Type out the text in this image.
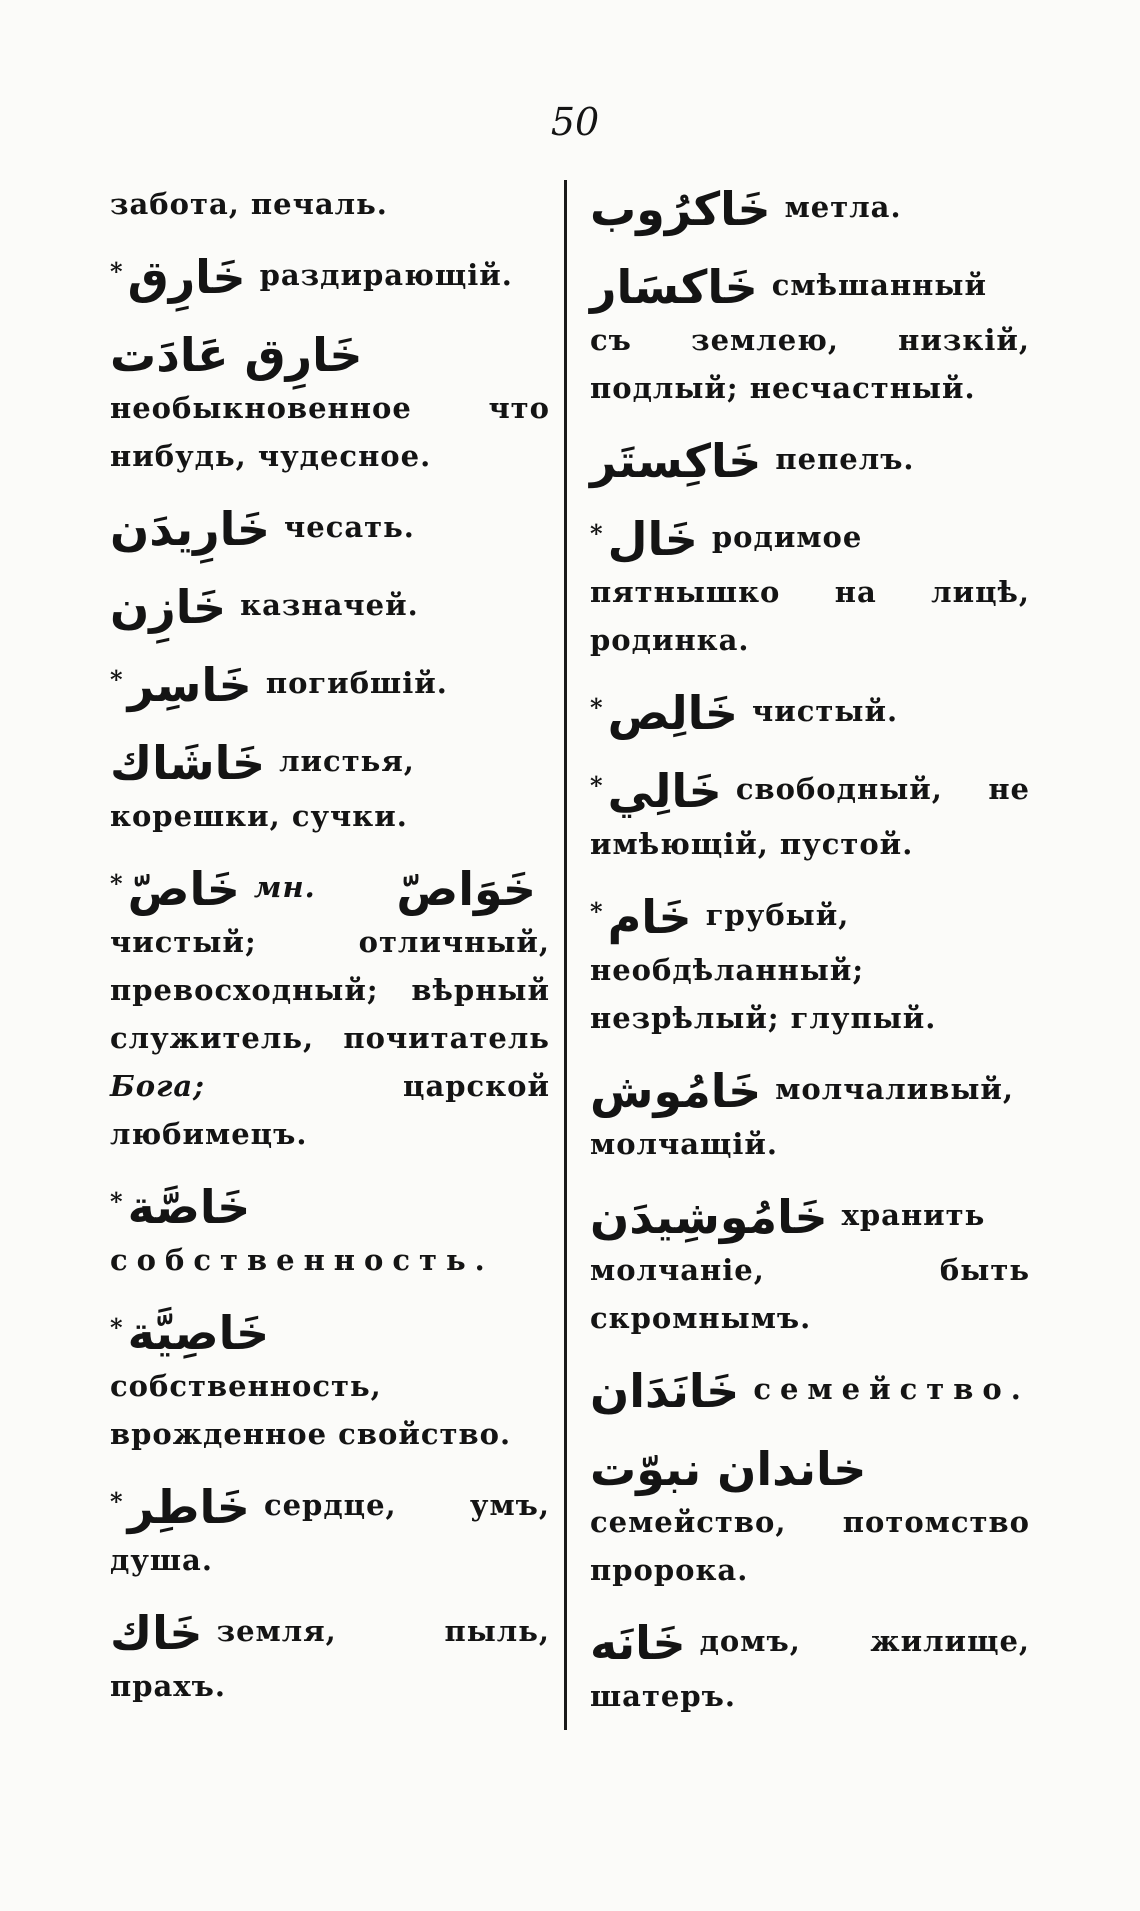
50

забота, печаль.

*خَارِق раздирающій.

خَارِق عَادَتнеобыкновенное что нибудь, чудесное.

خَارِيدَن чесать.

خَازِن казначей.

*خَاسِر погибшій.

خَاشَاك листья, корешки, сучки.

*خَاصّ мн. خَوَاصّчистый; отличный, превосходный; вѣрный служитель, почитатель Бога;	царской любимецъ.

*خَاصَّةсобственность.

*خَاصِيَّةсобственность, врожденное свойство.

*خَاطِر сердце, умъ, душа.

خَاك земля, пыль, прахъ.

خَاكرُوب метла.

خَاكسَار смѣшанный съ землею, низкій, подлый; несчастный.

خَاكِستَر пепелъ.

*خَال родимое пятнышко на лицѣ, родинка.

*خَالِص чистый.

*خَالِي свободный, не имѣющій, пустой.

*خَام грубый, необдѣланный; незрѣлый; глупый.

خَامُوش молчаливый, молчащій.

خَامُوشِيدَن хранить молчаніе, быть скромнымъ.

خَانَدَان семейство.

خاندان نبوّتсемейство, потомство пророка.

خَانَه домъ, жилище, шатеръ.
